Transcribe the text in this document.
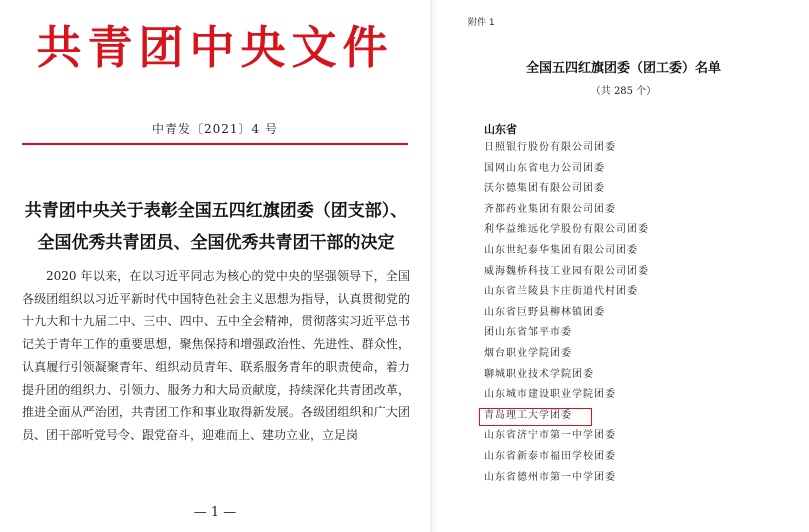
共青团中央文件
中青发〔2021〕4 号
共青团中央关于表彰全国五四红旗团委（团支部）、
全国优秀共青团员、全国优秀共青团干部的决定

2020 年以来，在以习近平同志为核心的党中央的坚强领导下，全国各级团组织以习近平新时代中国特色社会主义思想为指导，认真贯彻党的十九大和十九届二中、三中、四中、五中全会精神，贯彻落实习近平总书记关于青年工作的重要思想，聚焦保持和增强政治性、先进性、群众性，认真履行引领凝聚青年、组织动员青年、联系服务青年的职责使命，着力提升团的组织力、引领力、服务力和大局贡献度，持续深化共青团改革，推进全面从严治团，共青团工作和事业取得新发展。各级团组织和广大团员、团干部听党号令、跟党奋斗，迎难而上、建功立业，立足岗

— 1 —
附件 1
全国五四红旗团委（团工委）名单
（共 285 个）
山东省
日照银行股份有限公司团委
国网山东省电力公司团委
沃尔德集团有限公司团委
齐都药业集团有限公司团委
利华益维远化学股份有限公司团委
山东世纪泰华集团有限公司团委
威海魏桥科技工业园有限公司团委
山东省兰陵县卞庄街道代村团委
山东省巨野县柳林镇团委
团山东省邹平市委
烟台职业学院团委
聊城职业技术学院团委
山东城市建设职业学院团委
青岛理工大学团委
山东省济宁市第一中学团委
山东省新泰市福田学校团委
山东省德州市第一中学团委
